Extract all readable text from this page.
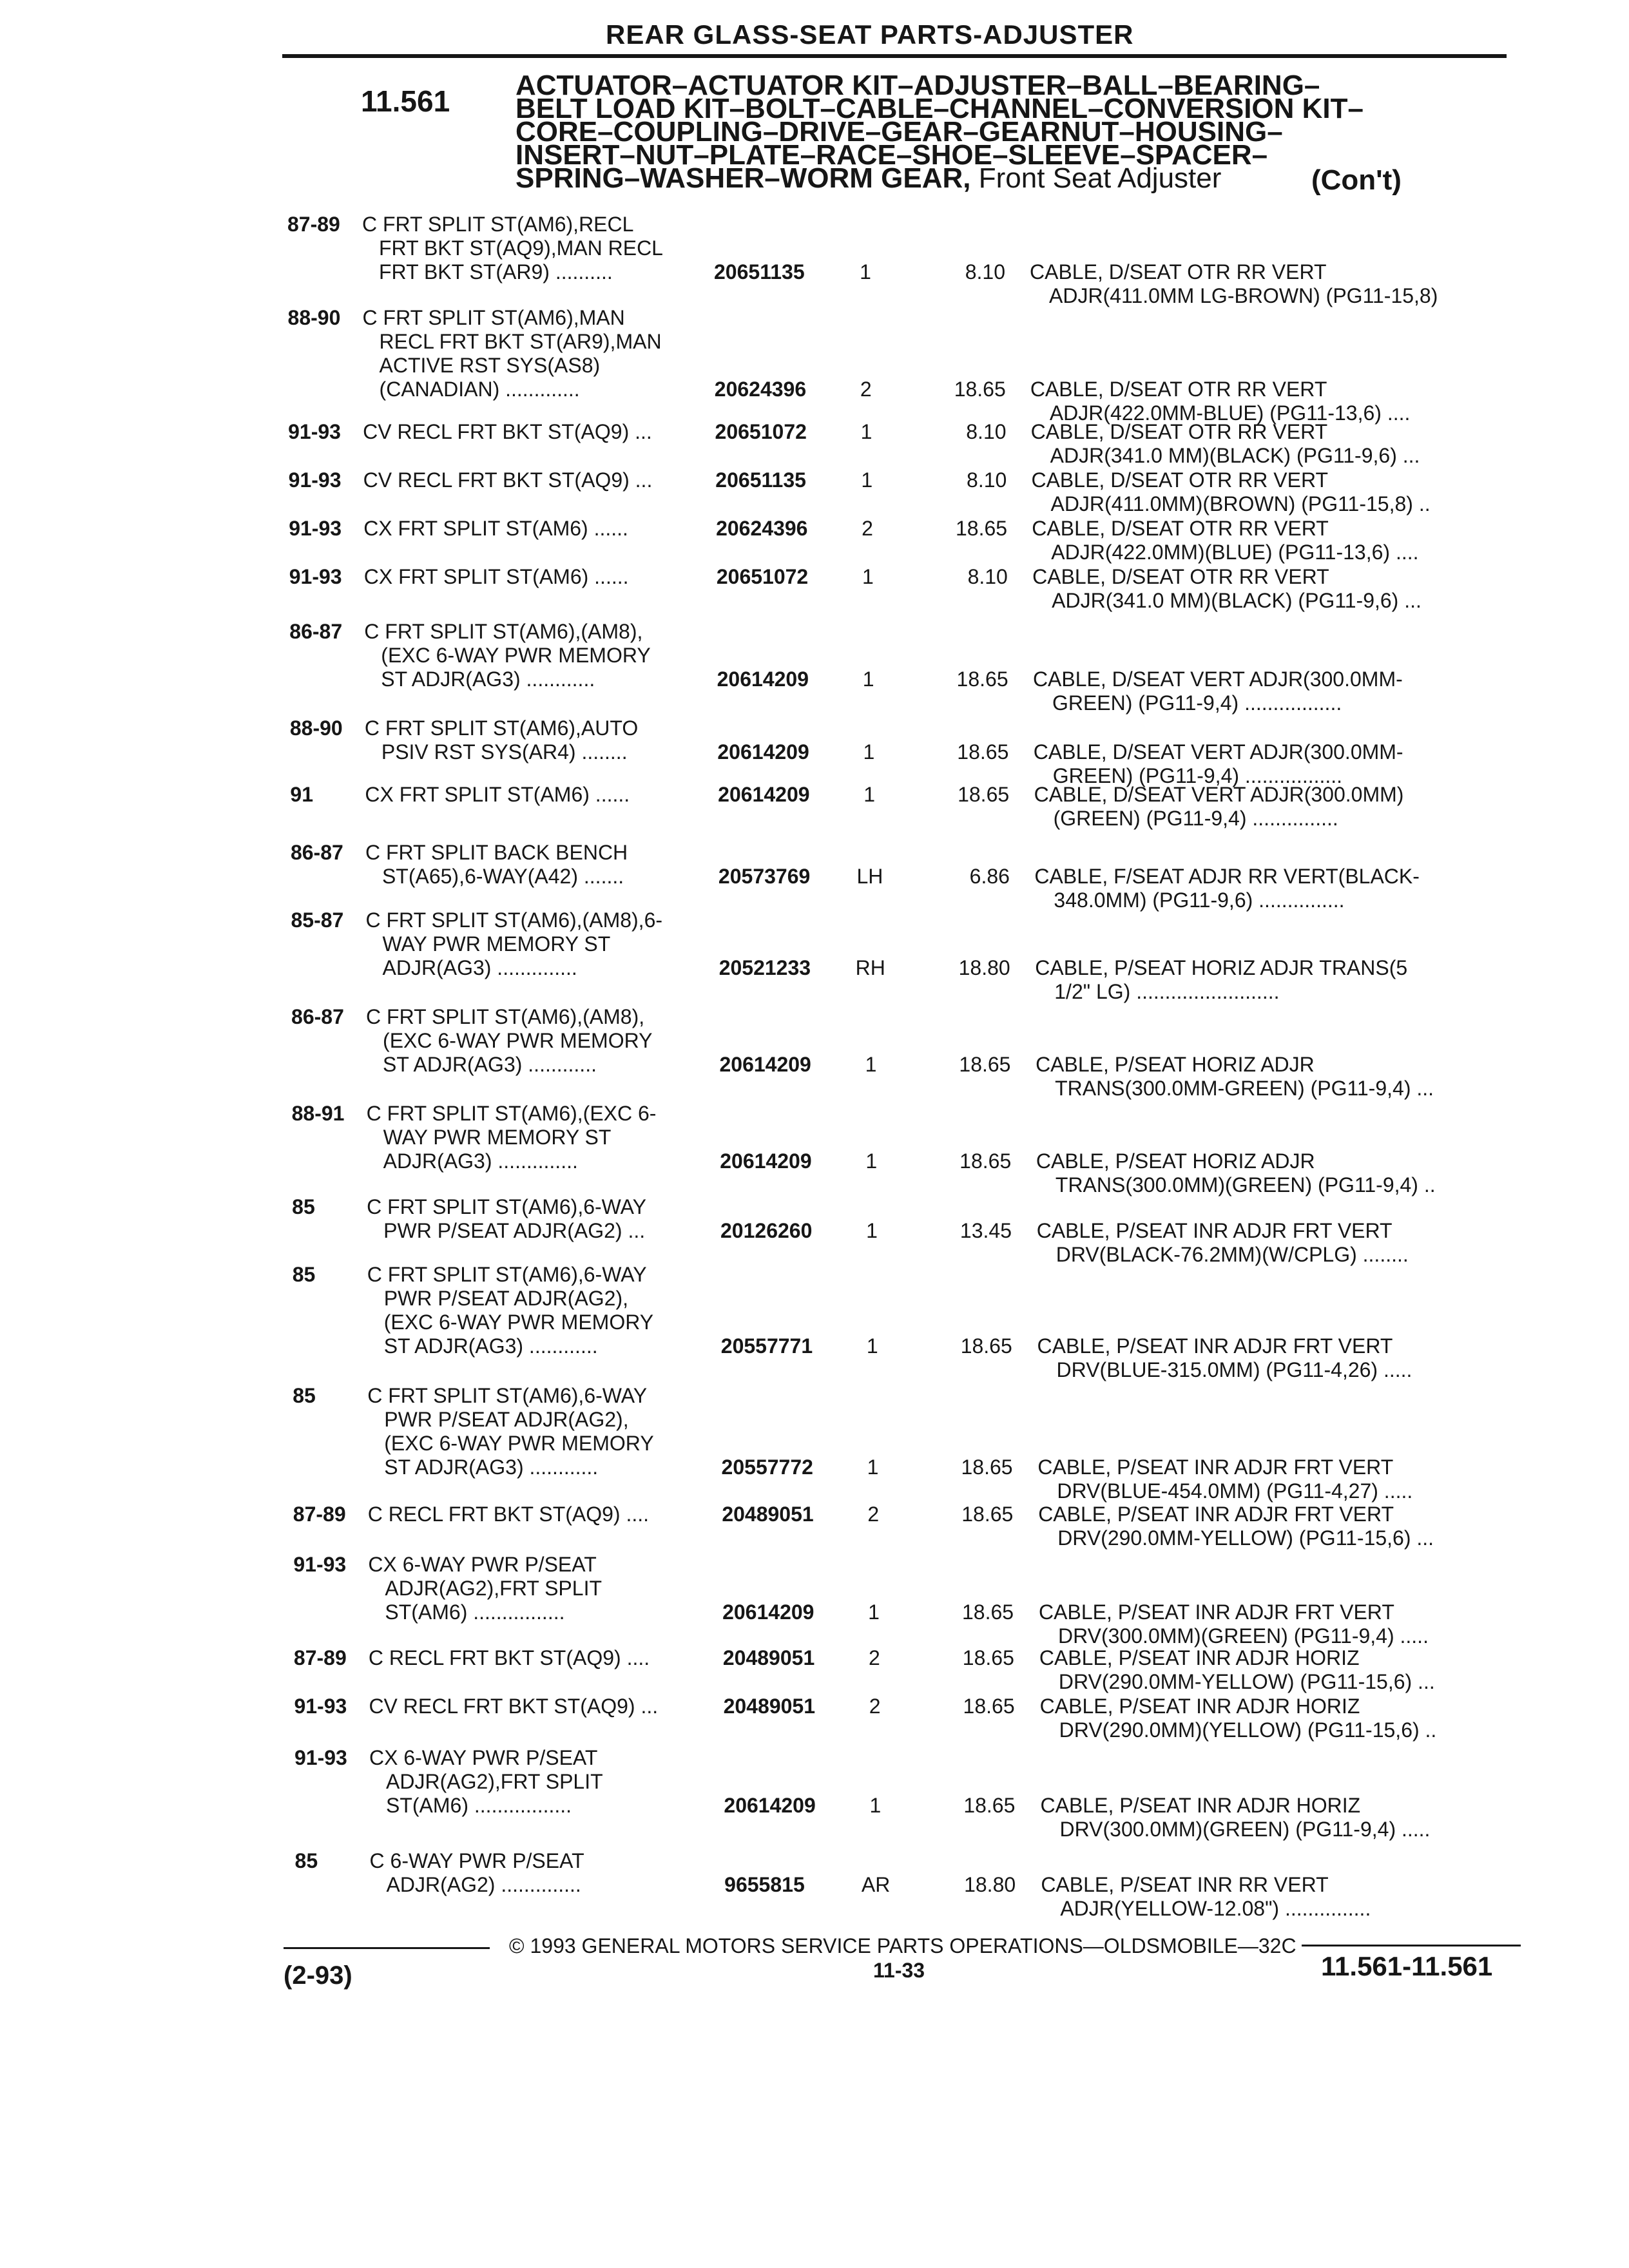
REAR GLASS-SEAT PARTS-ADJUSTER
11.561 ACTUATOR–ACTUATOR KIT–ADJUSTER–BALL–BEARING–
BELT LOAD KIT–BOLT–CABLE–CHANNEL–CONVERSION KIT–
CORE–COUPLING–DRIVE–GEAR–GEARNUT–HOUSING–
INSERT–NUT–PLATE–RACE–SHOE–SLEEVE–SPACER–
SPRING–WASHER–WORM GEAR, Front Seat Adjuster	(Con't)
87-89 C FRT SPLIT ST(AM6),RECL
FRT BKT ST(AQ9),MAN RECL
FRT BKT ST(AR9) ..........	20651135	1	8.10 CABLE, D/SEAT OTR RR VERT
ADJR(411.0MM LG-BROWN) (PG11-15,8)
88-90 C FRT SPLIT ST(AM6),MAN
RECL FRT BKT ST(AR9),MAN
ACTIVE RST SYS(AS8)
(CANADIAN) .............	20624396	2	18.65 CABLE, D/SEAT OTR RR VERT
ADJR(422.0MM-BLUE) (PG11-13,6) ....
91-93 CV RECL FRT BKT ST(AQ9) ...	20651072	1	8.10 CABLE, D/SEAT OTR RR VERT
ADJR(341.0 MM)(BLACK) (PG11-9,6) ...
91-93 CV RECL FRT BKT ST(AQ9) ...	20651135	1	8.10 CABLE, D/SEAT OTR RR VERT
ADJR(411.0MM)(BROWN) (PG11-15,8) ..
91-93 CX FRT SPLIT ST(AM6) ......	20624396	2	18.65 CABLE, D/SEAT OTR RR VERT
ADJR(422.0MM)(BLUE) (PG11-13,6) ....
91-93 CX FRT SPLIT ST(AM6) ......	20651072	1	8.10 CABLE, D/SEAT OTR RR VERT
ADJR(341.0 MM)(BLACK) (PG11-9,6) ...
86-87 C FRT SPLIT ST(AM6),(AM8),
(EXC 6-WAY PWR MEMORY
ST ADJR(AG3) ............	20614209	1	18.65 CABLE, D/SEAT VERT ADJR(300.0MM-
GREEN) (PG11-9,4) .................
88-90 C FRT SPLIT ST(AM6),AUTO
PSIV RST SYS(AR4) ........	20614209	1	18.65 CABLE, D/SEAT VERT ADJR(300.0MM-
GREEN) (PG11-9,4) .................
91	CX FRT SPLIT ST(AM6) ......	20614209	1	18.65 CABLE, D/SEAT VERT ADJR(300.0MM)
(GREEN) (PG11-9,4) ...............
86-87 C FRT SPLIT BACK BENCH
ST(A65),6-WAY(A42) .......	20573769	LH	6.86 CABLE, F/SEAT ADJR RR VERT(BLACK-
348.0MM) (PG11-9,6) ...............
85-87 C FRT SPLIT ST(AM6),(AM8),6-
WAY PWR MEMORY ST
ADJR(AG3) ..............	20521233	RH	18.80 CABLE, P/SEAT HORIZ ADJR TRANS(5
1/2" LG) .........................
86-87 C FRT SPLIT ST(AM6),(AM8),
(EXC 6-WAY PWR MEMORY
ST ADJR(AG3) ............	20614209	1	18.65 CABLE, P/SEAT HORIZ ADJR
TRANS(300.0MM-GREEN) (PG11-9,4) ...
88-91 C FRT SPLIT ST(AM6),(EXC 6-
WAY PWR MEMORY ST
ADJR(AG3) ..............	20614209	1	18.65 CABLE, P/SEAT HORIZ ADJR
TRANS(300.0MM)(GREEN) (PG11-9,4) ..
85	C FRT SPLIT ST(AM6),6-WAY
PWR P/SEAT ADJR(AG2) ...	20126260	1	13.45 CABLE, P/SEAT INR ADJR FRT VERT
DRV(BLACK-76.2MM)(W/CPLG) ........
85	C FRT SPLIT ST(AM6),6-WAY
PWR P/SEAT ADJR(AG2),
(EXC 6-WAY PWR MEMORY
ST ADJR(AG3) ............	20557771	1	18.65 CABLE, P/SEAT INR ADJR FRT VERT
DRV(BLUE-315.0MM) (PG11-4,26) .....
85	C FRT SPLIT ST(AM6),6-WAY
PWR P/SEAT ADJR(AG2),
(EXC 6-WAY PWR MEMORY
ST ADJR(AG3) ............	20557772	1	18.65 CABLE, P/SEAT INR ADJR FRT VERT
DRV(BLUE-454.0MM) (PG11-4,27) .....
87-89 C RECL FRT BKT ST(AQ9) ....	20489051	2	18.65 CABLE, P/SEAT INR ADJR FRT VERT
DRV(290.0MM-YELLOW) (PG11-15,6) ...
91-93 CX 6-WAY PWR P/SEAT
ADJR(AG2),FRT SPLIT
ST(AM6) ................	20614209	1	18.65 CABLE, P/SEAT INR ADJR FRT VERT
DRV(300.0MM)(GREEN) (PG11-9,4) .....
87-89 C RECL FRT BKT ST(AQ9) ....	20489051	2	18.65 CABLE, P/SEAT INR ADJR HORIZ
DRV(290.0MM-YELLOW) (PG11-15,6) ...
91-93 CV RECL FRT BKT ST(AQ9) ...	20489051	2	18.65 CABLE, P/SEAT INR ADJR HORIZ
DRV(290.0MM)(YELLOW) (PG11-15,6) ..
91-93 CX 6-WAY PWR P/SEAT
ADJR(AG2),FRT SPLIT
ST(AM6) .................	20614209	1	18.65 CABLE, P/SEAT INR ADJR HORIZ
DRV(300.0MM)(GREEN) (PG11-9,4) .....
85	C 6-WAY PWR P/SEAT
ADJR(AG2) ..............	9655815	AR	18.80 CABLE, P/SEAT INR RR VERT
ADJR(YELLOW-12.08") ...............
© 1993 GENERAL MOTORS SERVICE PARTS OPERATIONS—OLDSMOBILE—32C
11-33
(2-93)	11.561-11.561
